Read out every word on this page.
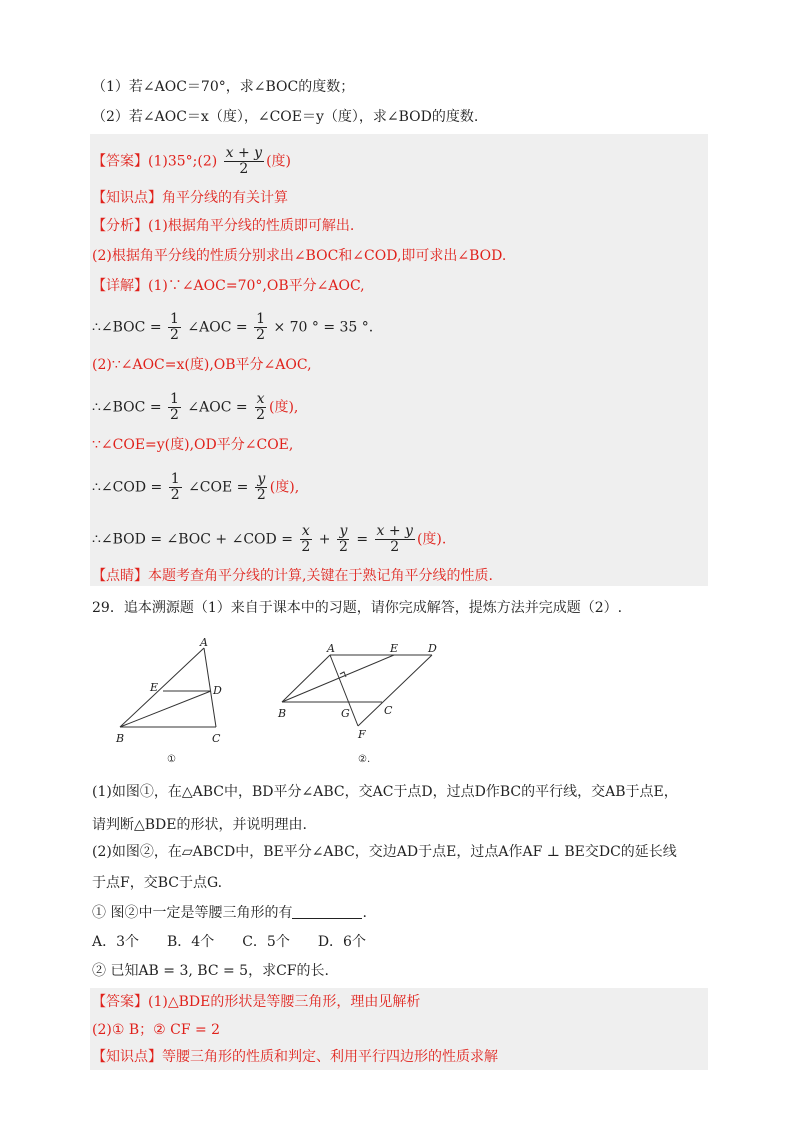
（1）若∠AOC＝70°，求∠BOC的度数；
（2）若∠AOC＝x（度），∠COE＝y（度），求∠BOD的度数.
【答案】(1)35°;(2) $\frac{x + y}{2}$ (度)
【知识点】角平分线的有关计算
【分析】(1)根据角平分线的性质即可解出.
(2)根据角平分线的性质分别求出∠BOC和∠COD,即可求出∠BOD.
【详解】(1)∵∠AOC=70°,OB平分∠AOC,
∴∠BOC = $\frac{1}{2}$ ∠AOC = $\frac{1}{2} \times 70$ ° = 35 °.
(2)∵∠AOC=x(度),OB平分∠AOC,
∴∠BOC = $\frac{1}{2}$ ∠AOC = $\frac{x}{2}$ (度),
∵∠COE=y(度),OD平分∠COE,
∴∠COD = $\frac{1}{2}$ ∠COE = $\frac{y}{2}$ (度),
∴∠BOD = ∠BOC + ∠COD = $\frac{x}{2} + \frac{y}{2} = \frac{x + y}{2}$ (度).
【点睛】本题考查角平分线的计算,关键在于熟记角平分线的性质.
29．追本溯源题（1）来自于课本中的习题，请你完成解答，提炼方法并完成题（2）.
A
E	D
B	C
①
A	E	D
B	G	C
F
②.
(1)如图①，在△ABC中，BD平分∠ABC，交AC于点D，过点D作BC的平行线，交AB于点E，
请判断△BDE的形状，并说明理由.
(2)如图②，在▱ABCD中，BE平分∠ABC，交边AD于点E，过点A作AF ⊥ BE交DC的延长线
于点F，交BC于点G.
① 图②中一定是等腰三角形的有	.
A．3个　　B．4个　　C．5个　　D．6个
② 已知AB = 3, BC = 5，求CF的长.
【答案】(1)△BDE的形状是等腰三角形，理由见解析
(2)① B；② CF = 2
【知识点】等腰三角形的性质和判定、利用平行四边形的性质求解
